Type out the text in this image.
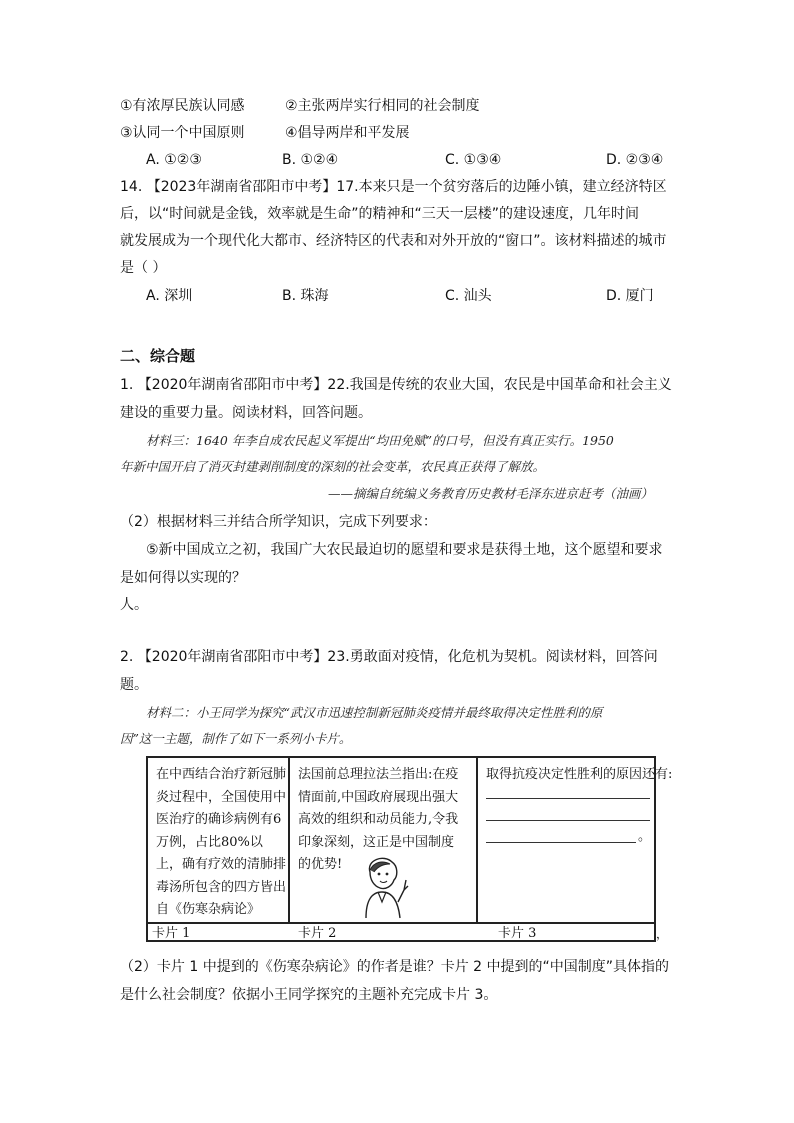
①有浓厚民族认同感	②主张两岸实行相同的社会制度
③认同一个中国原则	④倡导两岸和平发展
A. ①②③	B. ①②④	C. ①③④	D. ②③④
14. 【2023年湖南省邵阳市中考】17.本来只是一个贫穷落后的边陲小镇，建立经济特区
后，以“时间就是金钱，效率就是生命”的精神和“三天一层楼”的建设速度，几年时间
就发展成为一个现代化大都市、经济特区的代表和对外开放的“窗口”。该材料描述的城市
是（ ）
A. 深圳	B. 珠海	C. 汕头	D. 厦门
二、综合题
1. 【2020年湖南省邵阳市中考】22.我国是传统的农业大国，农民是中国革命和社会主义
建设的重要力量。阅读材料，回答问题。
材料三：1640 年李自成农民起义军提出“均田免赋”的口号，但没有真正实行。1950
年新中国开启了消灭封建剥削制度的深刻的社会变革，农民真正获得了解放。
——摘编自统编义务教育历史教材毛泽东进京赶考（油画）
（2）根据材料三并结合所学知识，完成下列要求：
⑤新中国成立之初，我国广大农民最迫切的愿望和要求是获得土地，这个愿望和要求
是如何得以实现的？
人。
2. 【2020年湖南省邵阳市中考】23.勇敢面对疫情，化危机为契机。阅读材料，回答问
题。
材料二：小王同学为探究“武汉市迅速控制新冠肺炎疫情并最终取得决定性胜利的原
因”这一主题，制作了如下一系列小卡片。
在中西结合治疗新冠肺炎过程中，全国使用中医治疗的确诊病例有6万例，占比80%以上，确有疗效的清肺排毒汤所包含的四方皆出自《伤寒杂病论》
法国前总理拉法兰指出:在疫情面前,中国政府展现出强大高效的组织和动员能力,令我印象深刻，这正是中国制度的优势!
取得抗疫决定性胜利的原因还有:
。
卡片 1	卡片 2	卡片 3	，
（2）卡片 1 中提到的《伤寒杂病论》的作者是谁？卡片 2 中提到的“中国制度”具体指的
是什么社会制度？依据小王同学探究的主题补充完成卡片 3。
